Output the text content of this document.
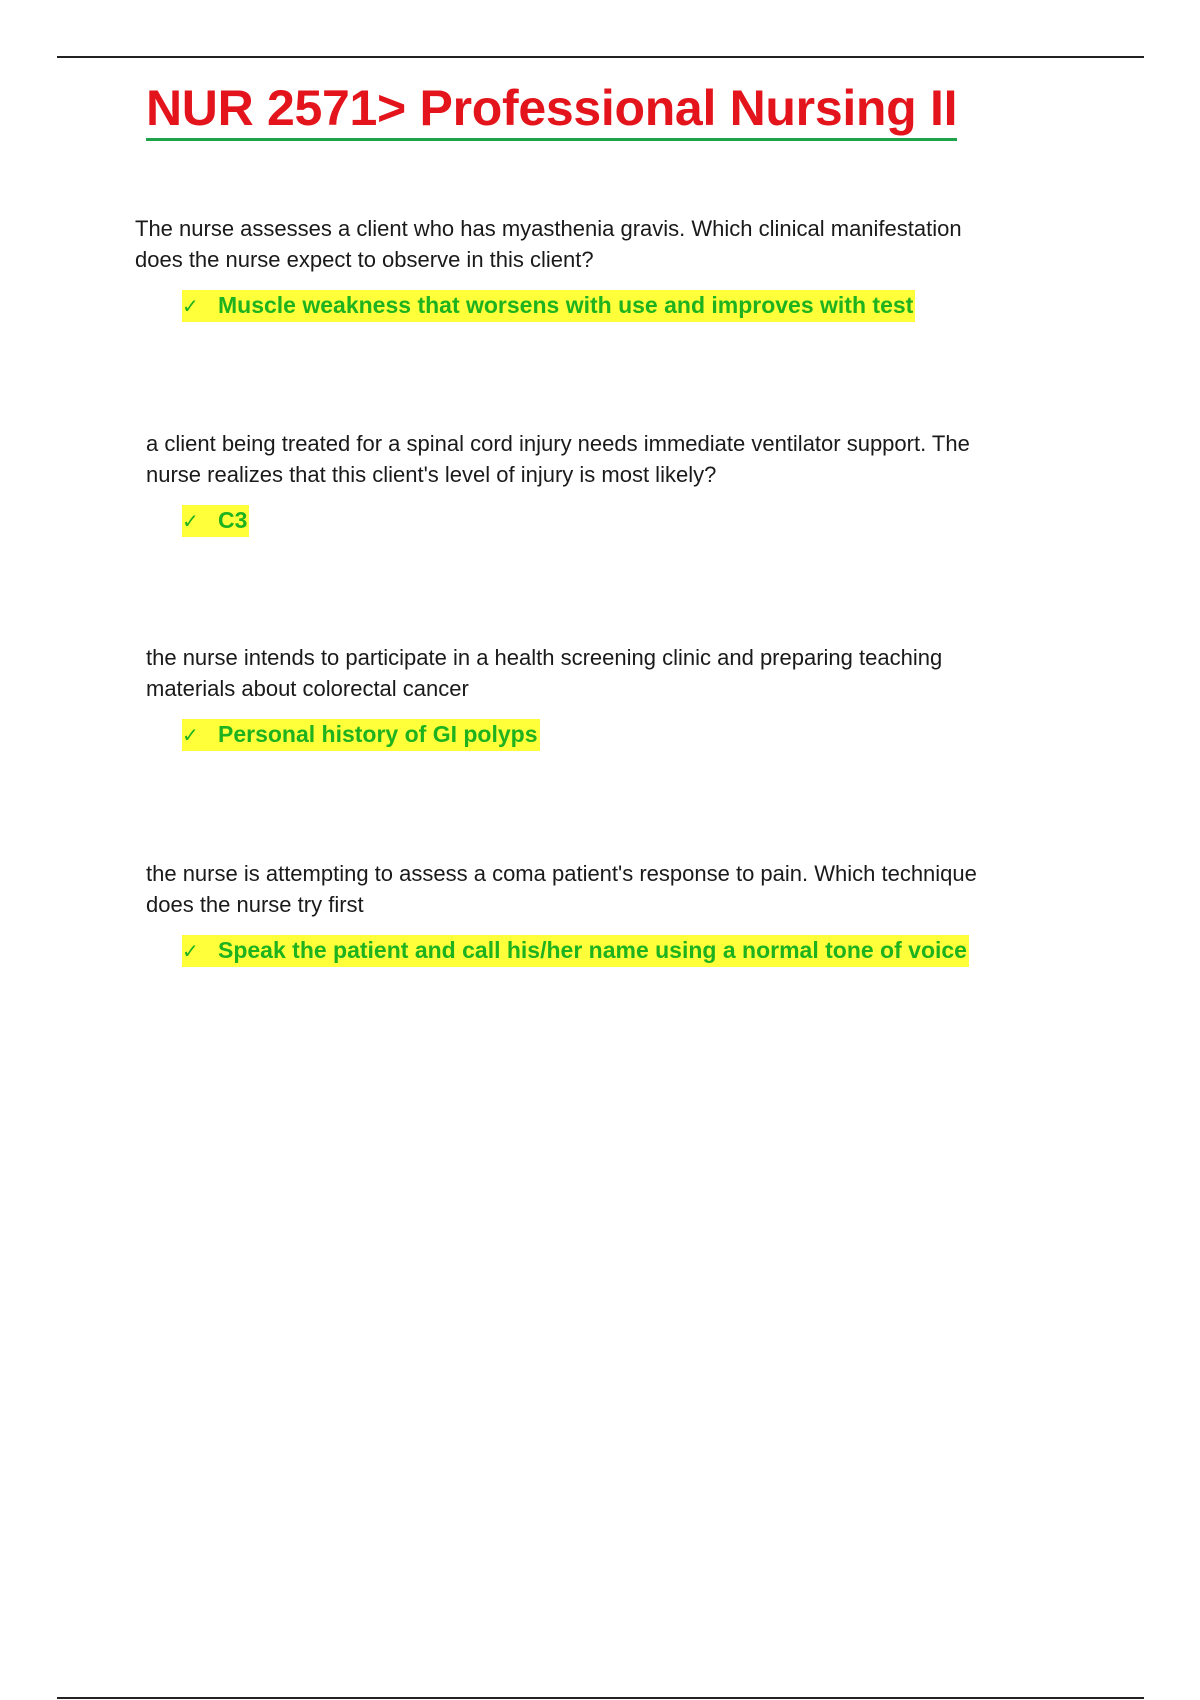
NUR 2571> Professional Nursing II
The nurse assesses a client who has myasthenia gravis. Which clinical manifestation
does the nurse expect to observe in this client?
✓ Muscle weakness that worsens with use and improves with test
a client being treated for a spinal cord injury needs immediate ventilator support. The
nurse realizes that this client's level of injury is most likely?
✓ C3
the nurse intends to participate in a health screening clinic and preparing teaching
materials about colorectal cancer
✓ Personal history of GI polyps
the nurse is attempting to assess a coma patient's response to pain. Which technique
does the nurse try first
✓ Speak the patient and call his/her name using a normal tone of voice
